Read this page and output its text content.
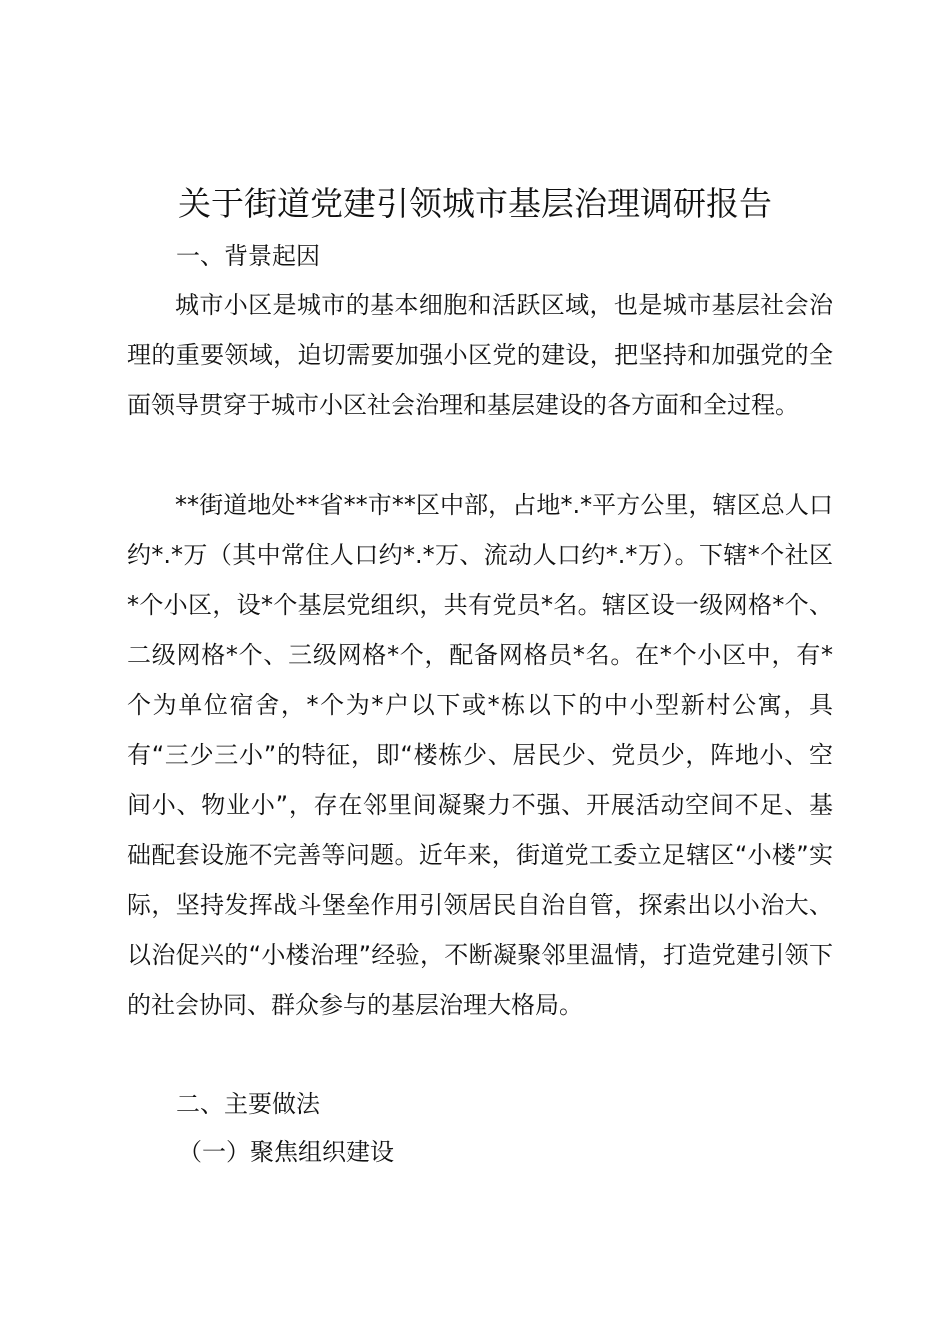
关于街道党建引领城市基层治理调研报告

一、背景起因

城市小区是城市的基本细胞和活跃区域，也是城市基层社会治理的重要领域，迫切需要加强小区党的建设，把坚持和加强党的全面领导贯穿于城市小区社会治理和基层建设的各方面和全过程。

**街道地处**省**市**区中部，占地*.*平方公里，辖区总人口约*.*万（其中常住人口约*.*万、流动人口约*.*万）。下辖*个社区*个小区，设*个基层党组织，共有党员*名。辖区设一级网格*个、二级网格*个、三级网格*个，配备网格员*名。在*个小区中，有*个为单位宿舍，*个为*户以下或*栋以下的中小型新村公寓，具有“三少三小”的特征，即“楼栋少、居民少、党员少，阵地小、空间小、物业小”，存在邻里间凝聚力不强、开展活动空间不足、基础配套设施不完善等问题。近年来，街道党工委立足辖区“小楼”实际，坚持发挥战斗堡垒作用引领居民自治自管，探索出以小治大、以治促兴的“小楼治理”经验，不断凝聚邻里温情，打造党建引领下的社会协同、群众参与的基层治理大格局。

二、主要做法

（一）聚焦组织建设
